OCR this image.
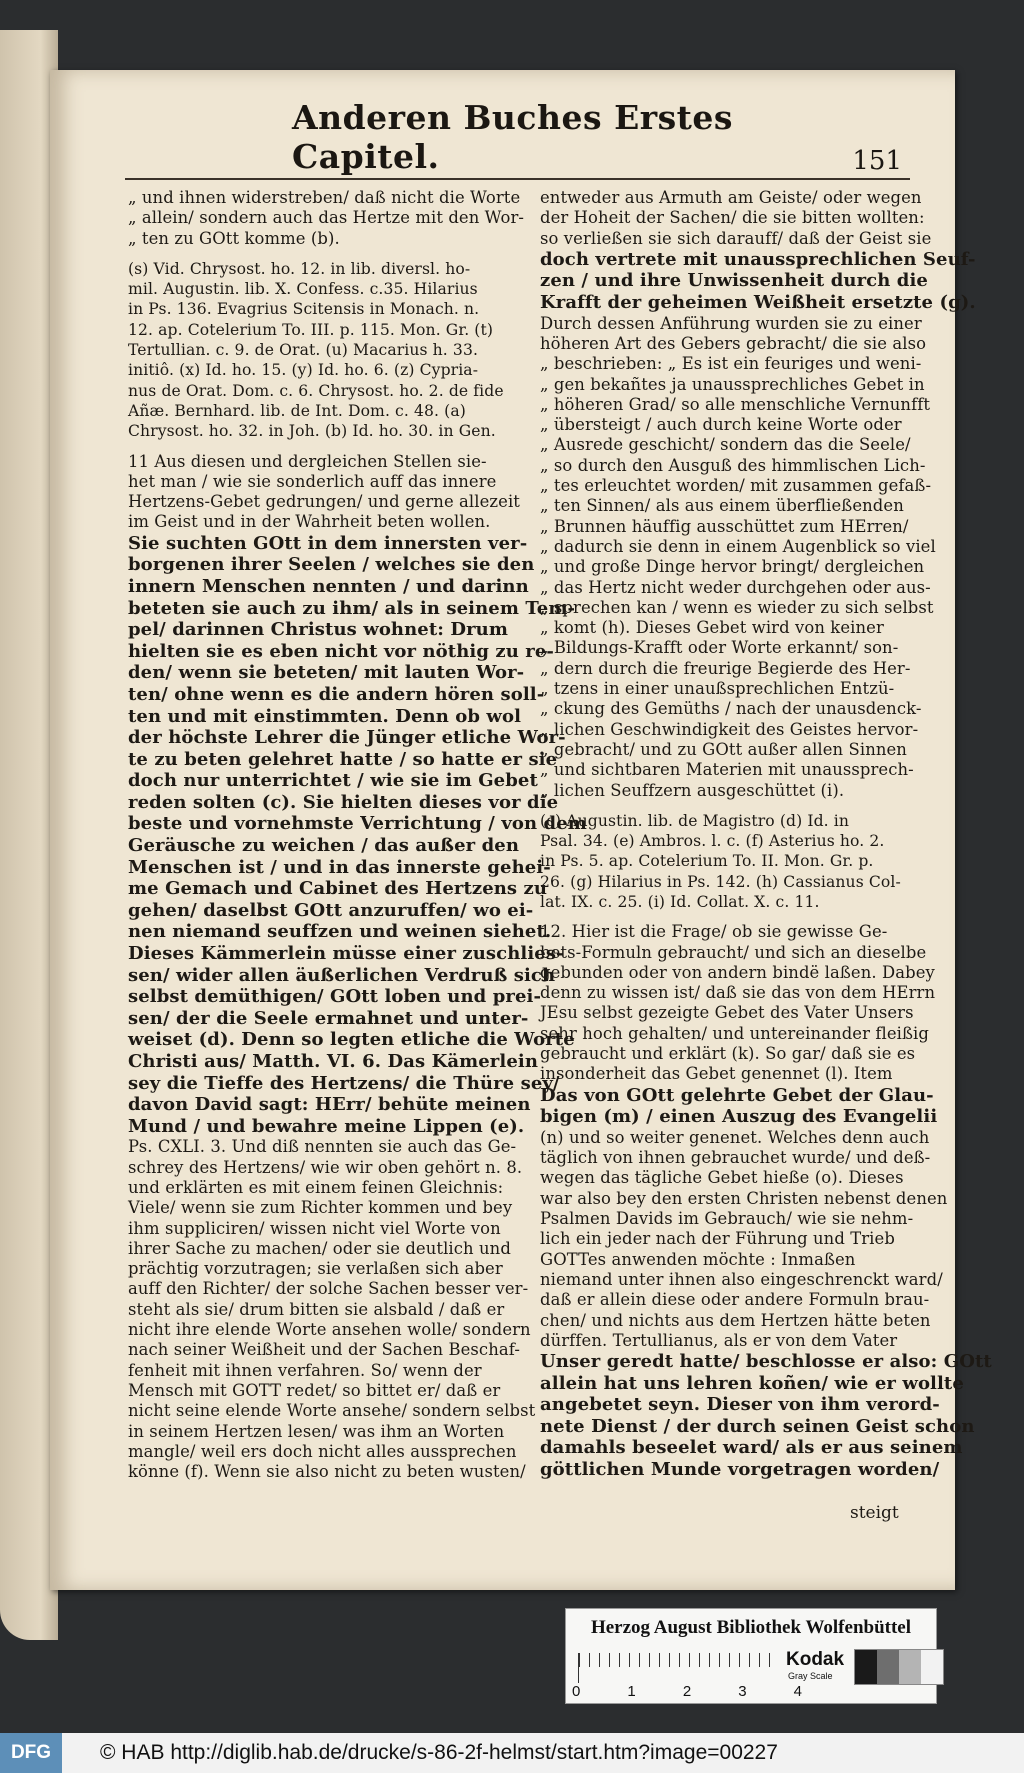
Anderen Buches Erstes Capitel.	151

„ und ihnen widerstreben/ daß nicht die Worte

„ allein/ sondern auch das Hertze mit den Wor-

„ ten zu GOtt komme (b).

(s) Vid. Chrysost. ho. 12. in lib. diversl. ho-

mil. Augustin. lib. X. Confess. c.35. Hilarius

in Ps. 136. Evagrius Scitensis in Monach. n.

12. ap. Cotelerium To. III. p. 115. Mon. Gr. (t)

Tertullian. c. 9. de Orat. (u) Macarius h. 33.

initiô. (x) Id. ho. 15. (y) Id. ho. 6. (z) Cypria-

nus de Orat. Dom. c. 6. Chrysost. ho. 2. de fide

Añæ. Bernhard. lib. de Int. Dom. c. 48. (a)

Chrysost. ho. 32. in Joh. (b) Id. ho. 30. in Gen.

11 Aus diesen und dergleichen Stellen sie-

het man / wie sie sonderlich auff das innere

Hertzens-Gebet gedrungen/ und gerne allezeit

im Geist und in der Wahrheit beten wollen.

Sie suchten GOtt in dem innersten ver-

borgenen ihrer Seelen / welches sie den

innern Menschen nennten / und darinn

beteten sie auch zu ihm/ als in seinem Tem-

pel/ darinnen Christus wohnet: Drum

hielten sie es eben nicht vor nöthig zu re-

den/ wenn sie beteten/ mit lauten Wor-

ten/ ohne wenn es die andern hören soll-

ten und mit einstimmten. Denn ob wol

der höchste Lehrer die Jünger etliche Wor-

te zu beten gelehret hatte / so hatte er sie

doch nur unterrichtet / wie sie im Gebet

reden solten (c). Sie hielten dieses vor die

beste und vornehmste Verrichtung / von dem

Geräusche zu weichen / das außer den

Menschen ist / und in das innerste gehei-

me Gemach und Cabinet des Hertzens zu

gehen/ daselbst GOtt anzuruffen/ wo ei-

nen niemand seuffzen und weinen siehet.

Dieses Kämmerlein müsse einer zuschlies-

sen/ wider allen äußerlichen Verdruß sich

selbst demüthigen/ GOtt loben und prei-

sen/ der die Seele ermahnet und unter-

weiset (d). Denn so legten etliche die Worte

Christi aus/ Matth. VI. 6. Das Kämerlein

sey die Tieffe des Hertzens/ die Thüre sey/

davon David sagt: HErr/ behüte meinen

Mund / und bewahre meine Lippen (e).

Ps. CXLI. 3. Und diß nennten sie auch das Ge-

schrey des Hertzens/ wie wir oben gehört n. 8.

und erklärten es mit einem feinen Gleichnis:

Viele/ wenn sie zum Richter kommen und bey

ihm suppliciren/ wissen nicht viel Worte von

ihrer Sache zu machen/ oder sie deutlich und

prächtig vorzutragen; sie verlaßen sich aber

auff den Richter/ der solche Sachen besser ver-

steht als sie/ drum bitten sie alsbald / daß er

nicht ihre elende Worte ansehen wolle/ sondern

nach seiner Weißheit und der Sachen Beschaf-

fenheit mit ihnen verfahren. So/ wenn der

Mensch mit GOTT redet/ so bittet er/ daß er

nicht seine elende Worte ansehe/ sondern selbst

in seinem Hertzen lesen/ was ihm an Worten

mangle/ weil ers doch nicht alles aussprechen

könne (f). Wenn sie also nicht zu beten wusten/

entweder aus Armuth am Geiste/ oder wegen

der Hoheit der Sachen/ die sie bitten wollten:

so verließen sie sich darauff/ daß der Geist sie

doch vertrete mit unaussprechlichen Seuf-

zen / und ihre Unwissenheit durch die

Krafft der geheimen Weißheit ersetzte (g).

Durch dessen Anführung wurden sie zu einer

höheren Art des Gebers gebracht/ die sie also

„ beschrieben: „ Es ist ein feuriges und weni-

„ gen bekañtes ja unaussprechliches Gebet in

„ höheren Grad/ so alle menschliche Vernunfft

„ übersteigt / auch durch keine Worte oder

„ Ausrede geschicht/ sondern das die Seele/

„ so durch den Ausguß des himmlischen Lich-

„ tes erleuchtet worden/ mit zusammen gefaß-

„ ten Sinnen/ als aus einem überfließenden

„ Brunnen häuffig ausschüttet zum HErren/

„ dadurch sie denn in einem Augenblick so viel

„ und große Dinge hervor bringt/ dergleichen

„ das Hertz nicht weder durchgehen oder aus-

„ sprechen kan / wenn es wieder zu sich selbst

„ komt (h). Dieses Gebet wird von keiner

„ Bildungs-Krafft oder Worte erkannt/ son-

„ dern durch die freurige Begierde des Her-

„ tzens in einer unaußsprechlichen Entzü-

„ ckung des Gemüths / nach der unausdenck-

„ lichen Geschwindigkeit des Geistes hervor-

„ gebracht/ und zu GOtt außer allen Sinnen

„ und sichtbaren Materien mit unaussprech-

„ lichen Seuffzern ausgeschüttet (i).

(c) Augustin. lib. de Magistro (d) Id. in

Psal. 34. (e) Ambros. l. c. (f) Asterius ho. 2.

in Ps. 5. ap. Cotelerium To. II. Mon. Gr. p.

26. (g) Hilarius in Ps. 142. (h) Cassianus Col-

lat. IX. c. 25. (i) Id. Collat. X. c. 11.

12. Hier ist die Frage/ ob sie gewisse Ge-

bets-Formuln gebraucht/ und sich an dieselbe

gebunden oder von andern bindë laßen. Dabey

denn zu wissen ist/ daß sie das von dem HErrn

JEsu selbst gezeigte Gebet des Vater Unsers

sehr hoch gehalten/ und untereinander fleißig

gebraucht und erklärt (k). So gar/ daß sie es

insonderheit das Gebet genennet (l). Item

Das von GOtt gelehrte Gebet der Glau-

bigen (m) / einen Auszug des Evangelii

(n) und so weiter genenet. Welches denn auch

täglich von ihnen gebrauchet wurde/ und deß-

wegen das tägliche Gebet hieße (o). Dieses

war also bey den ersten Christen nebenst denen

Psalmen Davids im Gebrauch/ wie sie nehm-

lich ein jeder nach der Führung und Trieb

GOTTes anwenden möchte : Inmaßen

niemand unter ihnen also eingeschrenckt ward/

daß er allein diese oder andere Formuln brau-

chen/ und nichts aus dem Hertzen hätte beten

dürffen. Tertullianus, als er von dem Vater

Unser geredt hatte/ beschlosse er also: GOtt

allein hat uns lehren koñen/ wie er wollte

angebetet seyn. Dieser von ihm verord-

nete Dienst / der durch seinen Geist schon

damahls beseelet ward/ als er aus seinem

göttlichen Munde vorgetragen worden/

steigt
Herzog August Bibliothek Wolfenbüttel
0	1	2	3	4
Kodak
Gray Scale
DFG	© HAB http://diglib.hab.de/drucke/s-86-2f-helmst/start.htm?image=00227
